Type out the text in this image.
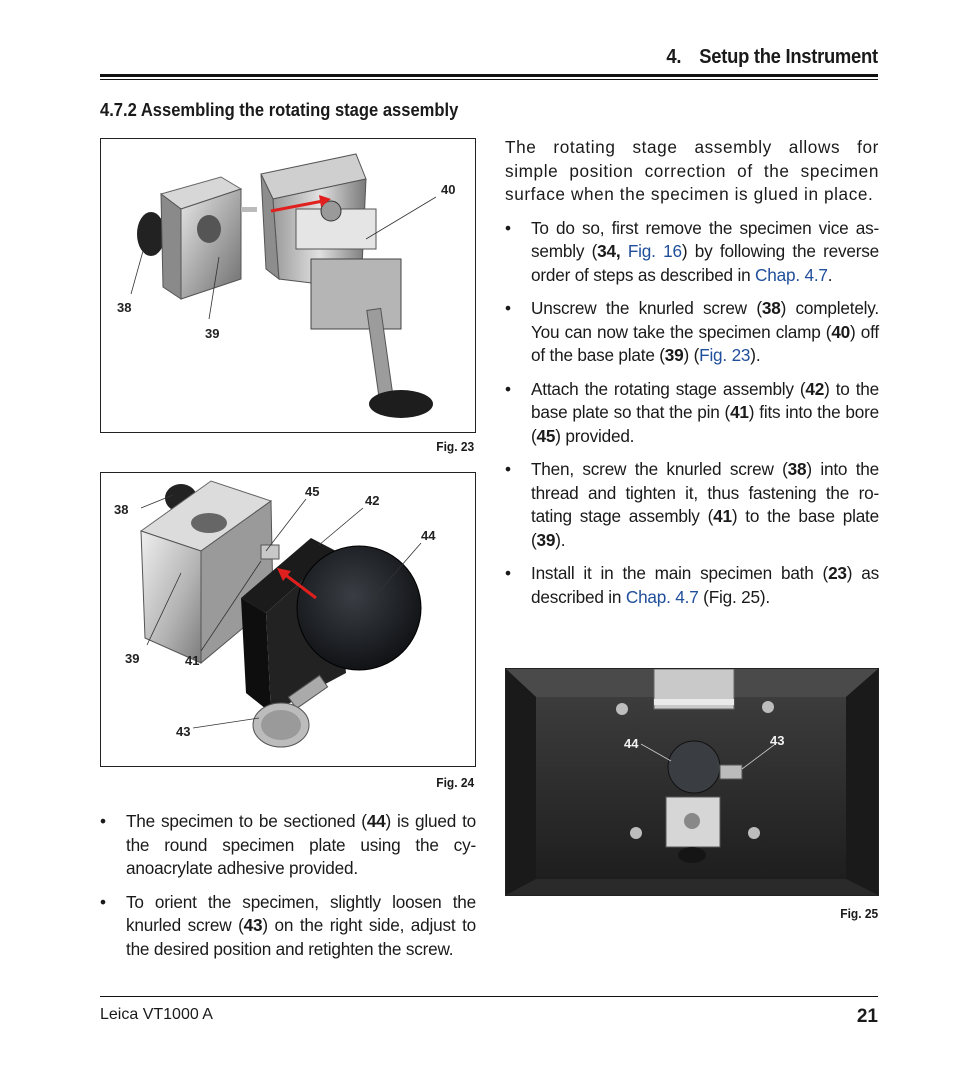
4. Setup the Instrument
4.7.2 Assembling the rotating stage assembly
40
38
39
Fig. 23
45
42
38
44
39	41
43
Fig. 24
44	43
Fig. 25

The rotating stage assembly allows for simple position correction of the specimen surface when the specimen is glued in place.

• To do so, first remove the specimen vice as-sembly (34, Fig. 16) by following the reverse order of steps as described in Chap. 4.7.
• Unscrew the knurled screw (38) completely. You can now take the specimen clamp (40) off of the base plate (39) (Fig. 23).
• Attach the rotating stage assembly (42) to the base plate so that the pin (41) fits into the bore (45) provided.
• Then, screw the knurled screw (38) into the thread and tighten it, thus fastening the ro-tating stage assembly (41) to the base plate (39).
• Install it in the main specimen bath (23) as described in Chap. 4.7 (Fig. 25).
• The specimen to be sectioned (44) is glued to the round specimen plate using the cy-anoacrylate adhesive provided.
• To orient the specimen, slightly loosen the knurled screw (43) on the right side, adjust to the desired position and retighten the screw.
Leica VT1000 A	21
